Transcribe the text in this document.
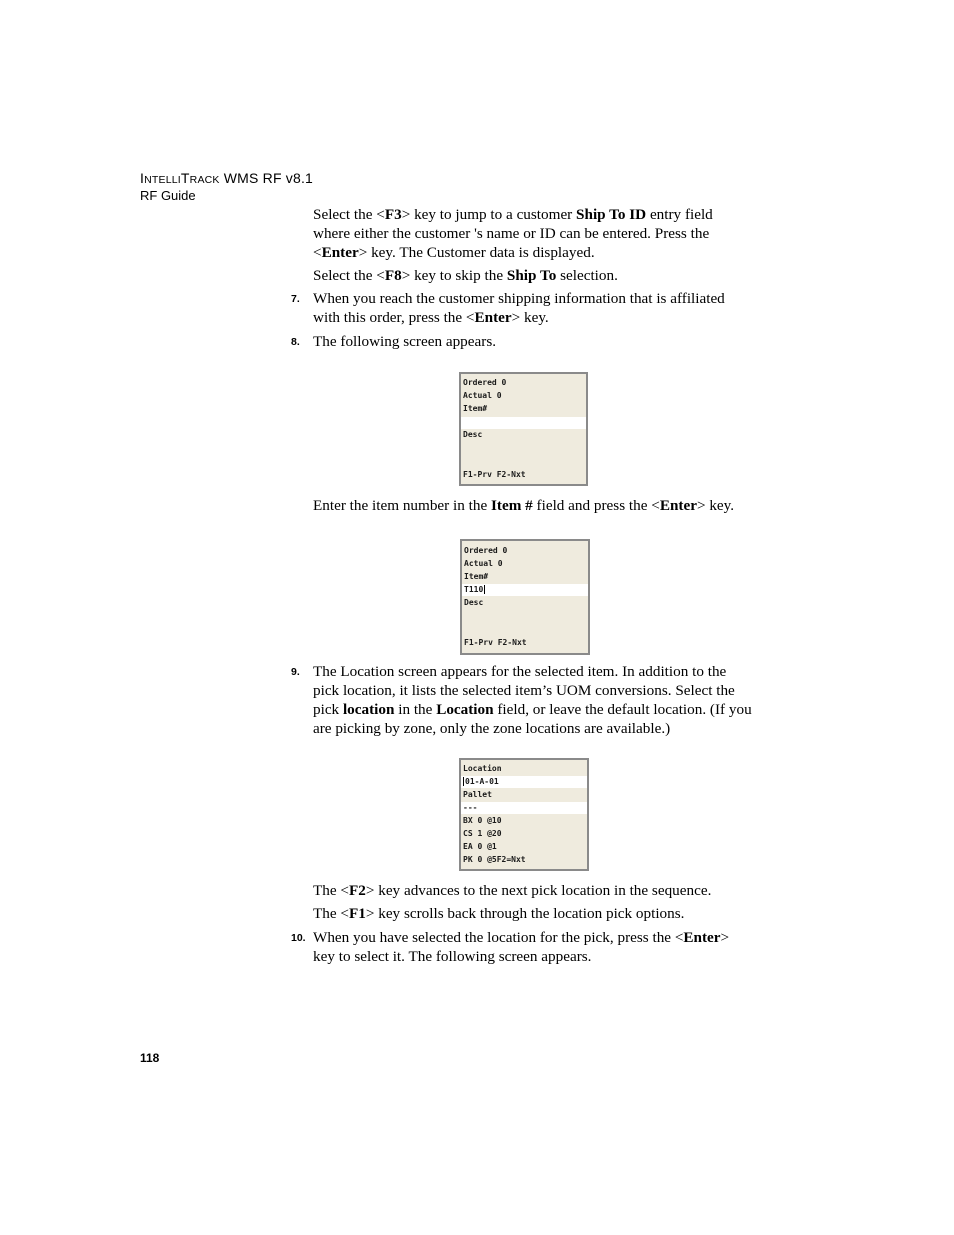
INTELLITRACK WMS RF v8.1
RF Guide
Select the <F3> key to jump to a customer Ship To ID entry field where either the customer 's name or ID can be entered. Press the <Enter> key. The Customer data is displayed.
Select the <F8> key to skip the Ship To selection.
7. When you reach the customer shipping information that is affiliated with this order, press the <Enter> key.
8. The following screen appears.
Ordered 0
Actual 0
Item#
Desc
F1-Prv F2-Nxt
Enter the item number in the Item # field and press the <Enter> key.
Ordered 0
Actual 0
Item#
T110
Desc
F1-Prv F2-Nxt
9. The Location screen appears for the selected item. In addition to the pick location, it lists the selected item’s UOM conversions. Select the pick location in the Location field, or leave the default location. (If you are picking by zone, only the zone locations are available.)
Location
01-A-01
Pallet
---
BX 0 @10
CS 1 @20
EA 0 @1
PK 0 @5F2=Nxt
The <F2> key advances to the next pick location in the sequence.
The <F1> key scrolls back through the location pick options.
10. When you have selected the location for the pick, press the <Enter> key to select it. The following screen appears.
118
